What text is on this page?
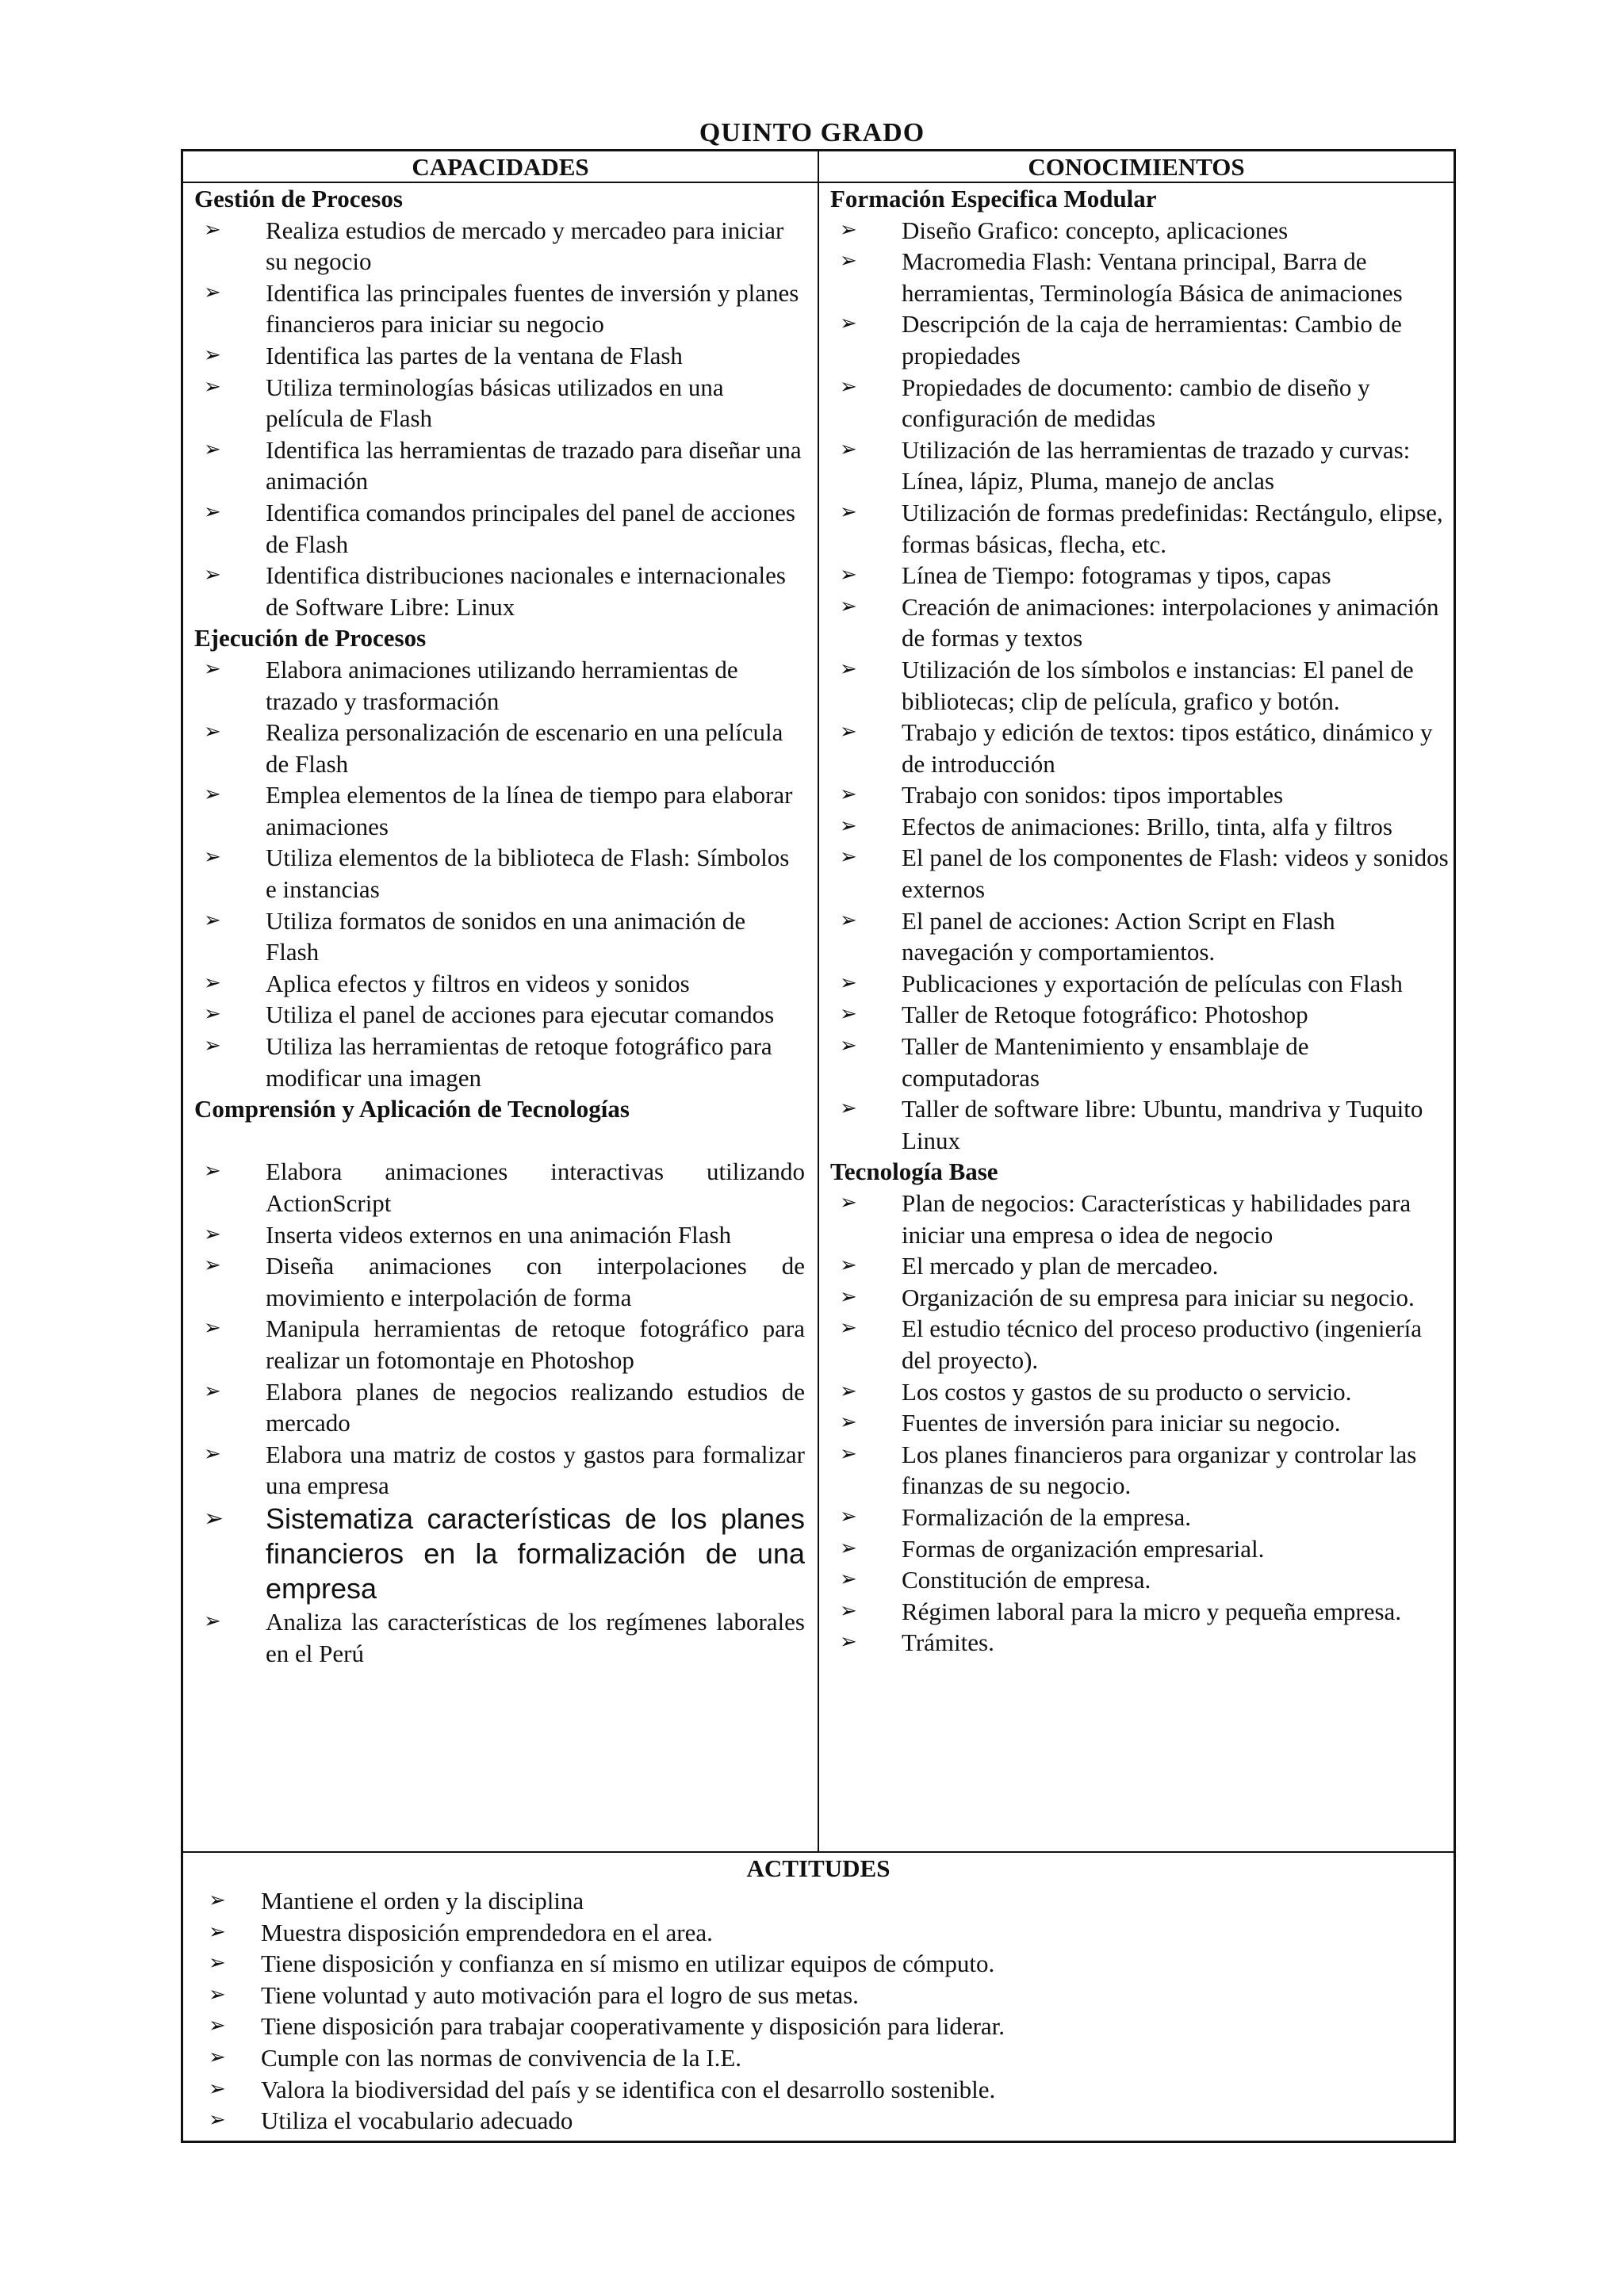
QUINTO GRADO
CAPACIDADES	CONOCIMIENTOS
Gestión de Procesos
➢ Realiza estudios de mercado y mercadeo para iniciar su negocio
➢ Identifica las principales fuentes de inversión y planes financieros para iniciar su negocio
➢ Identifica las partes de la ventana de Flash
➢ Utiliza terminologías básicas utilizados en una película de Flash
➢ Identifica las herramientas de trazado para diseñar una animación
➢ Identifica comandos principales del panel de acciones de Flash
➢ Identifica distribuciones nacionales e internacionales de Software Libre: Linux
Ejecución de Procesos
➢ Elabora animaciones utilizando herramientas de trazado y trasformación
➢ Realiza personalización de escenario en una película de Flash
➢ Emplea elementos de la línea de tiempo para elaborar animaciones
➢ Utiliza elementos de la biblioteca de Flash: Símbolos e instancias
➢ Utiliza formatos de sonidos en una animación de Flash
➢ Aplica efectos y filtros en videos y sonidos
➢ Utiliza el panel de acciones para ejecutar comandos
➢ Utiliza las herramientas de retoque fotográfico para modificar una imagen
Comprensión y Aplicación de Tecnologías
➢ Elabora animaciones interactivas utilizando ActionScript
➢ Inserta videos externos en una animación Flash
➢ Diseña animaciones con interpolaciones de movimiento e interpolación de forma
➢ Manipula herramientas de retoque fotográfico para realizar un fotomontaje en Photoshop
➢ Elabora planes de negocios realizando estudios de mercado
➢ Elabora una matriz de costos y gastos para formalizar una empresa
➢ Sistematiza características de los planes financieros en la formalización de una empresa
➢ Analiza las características de los regímenes laborales en el Perú
Formación Especifica Modular
➢ Diseño Grafico: concepto, aplicaciones
➢ Macromedia Flash: Ventana principal, Barra de herramientas, Terminología Básica de animaciones
➢ Descripción de la caja de herramientas: Cambio de propiedades
➢ Propiedades de documento: cambio de diseño y configuración de medidas
➢ Utilización de las herramientas de trazado y curvas: Línea, lápiz, Pluma, manejo de anclas
➢ Utilización de formas predefinidas: Rectángulo, elipse, formas básicas, flecha, etc.
➢ Línea de Tiempo: fotogramas y tipos, capas
➢ Creación de animaciones: interpolaciones y animación de formas y textos
➢ Utilización de los símbolos e instancias: El panel de bibliotecas; clip de película, grafico y botón.
➢ Trabajo y edición de textos: tipos estático, dinámico y de introducción
➢ Trabajo con sonidos: tipos importables
➢ Efectos de animaciones: Brillo, tinta, alfa y filtros
➢ El panel de los componentes de Flash: videos y sonidos externos
➢ El panel de acciones: Action Script en Flash navegación y comportamientos.
➢ Publicaciones y exportación de películas con Flash
➢ Taller de Retoque fotográfico: Photoshop
➢ Taller de Mantenimiento y ensamblaje de computadoras
➢ Taller de software libre: Ubuntu, mandriva y Tuquito Linux
Tecnología Base
➢ Plan de negocios: Características y habilidades para iniciar una empresa o idea de negocio
➢ El mercado y plan de mercadeo.
➢ Organización de su empresa para iniciar su negocio.
➢ El estudio técnico del proceso productivo (ingeniería del proyecto).
➢ Los costos y gastos de su producto o servicio.
➢ Fuentes de inversión para iniciar su negocio.
➢ Los planes financieros para organizar y controlar las finanzas de su negocio.
➢ Formalización de la empresa.
➢ Formas de organización empresarial.
➢ Constitución de empresa.
➢ Régimen laboral para la micro y pequeña empresa.
➢ Trámites.
ACTITUDES
➢ Mantiene el orden y la disciplina
➢ Muestra disposición emprendedora en el area.
➢ Tiene disposición y confianza en sí mismo en utilizar equipos de cómputo.
➢ Tiene voluntad y auto motivación para el logro de sus metas.
➢ Tiene disposición para trabajar cooperativamente y disposición para liderar.
➢ Cumple con las normas de convivencia de la I.E.
➢ Valora la biodiversidad del país y se identifica con el desarrollo sostenible.
➢ Utiliza el vocabulario adecuado
